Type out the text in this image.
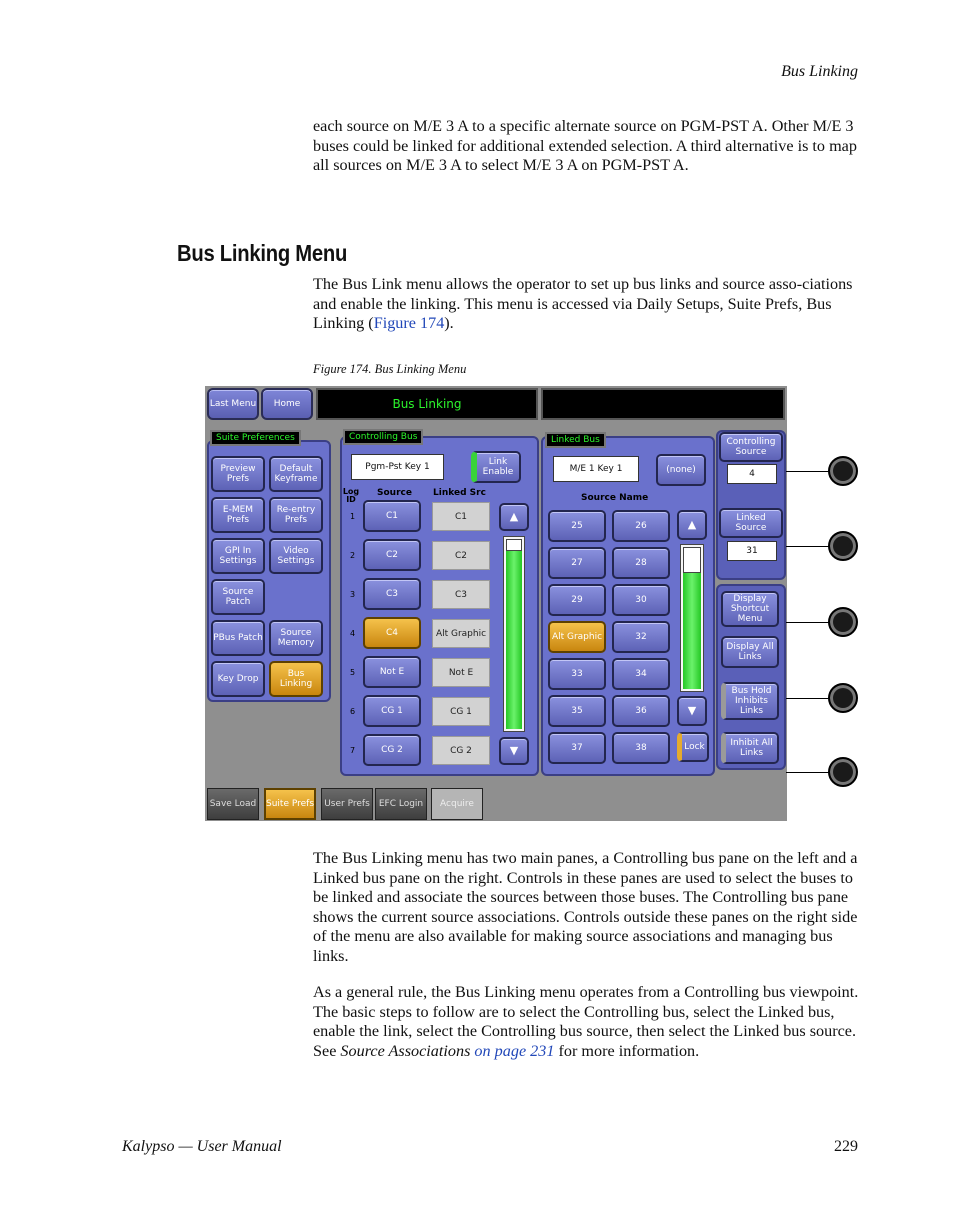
Bus Linking
each source on M/E 3 A to a specific alternate source on PGM-PST A. Other M/E 3 buses could be linked for additional extended selection. A third alternative is to map all sources on M/E 3 A to select M/E 3 A on PGM-PST A.
Bus Linking Menu
The Bus Link menu allows the operator to set up bus links and source asso-ciations and enable the linking. This menu is accessed via Daily Setups, Suite Prefs, Bus Linking (Figure 174).
Figure 174. Bus Linking Menu
Last Menu Home	Bus Linking
Suite Preferences	Controlling Bus
Pgm-Pst Key 1	Link Enable
Log ID
Source Linked Src
▲
▼
Linked Bus
M/E 1 Key 1	(none)
Source Name
▲
▼
Lock
Controlling Source
4
Linked Source
31
Display Shortcut Menu
Display All Links
Bus Hold Inhibits Links
Inhibit All Links
Preview Prefs
Default Keyframe
E-MEM Prefs
Re-entry Prefs
GPI In Settings
Video Settings
Source Patch
PBus Patch	Source Memory
Key Drop	Bus Linking
1	C1	C1
2	C2	C2
3	C3	C3
4	C4	Alt Graphic
5	Not E	Not E
6	CG 1	CG 1
7	CG 2	CG 2
25	26
27	28
29	30
Alt Graphic	32
33	34
35	36
37	38
Save Load Suite Prefs User Prefs EFC Login Acquire
The Bus Linking menu has two main panes, a Controlling bus pane on the left and a Linked bus pane on the right. Controls in these panes are used to select the buses to be linked and associate the sources between those buses. The Controlling bus pane shows the current source associations. Controls outside these panes on the right side of the menu are also available for making source associations and managing bus links.
As a general rule, the Bus Linking menu operates from a Controlling bus viewpoint. The basic steps to follow are to select the Controlling bus, select the Linked bus, enable the link, select the Controlling bus source, then select the Linked bus source. See Source Associations on page 231 for more information.
Kalypso — User Manual	229
